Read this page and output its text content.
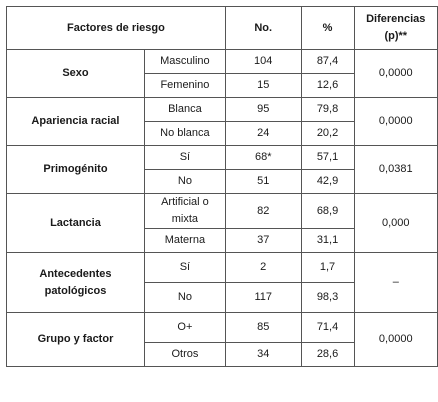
Factores de riesgo		No.	%	Diferencias (p)**
Sexo	Masculino	104	87,4	0,0000
	Femenino	15	12,6	
Apariencia racial	Blanca	95	79,8	0,0000
	No blanca	24	20,2	
Primogénito	Sí	68*	57,1	0,0381
	No	51	42,9	
Lactancia	Artificial o mixta	82	68,9	0,000
	Materna	37	31,1	
Antecedentes patológicos	Sí	2	1,7	–
	No	117	98,3	
Grupo y factor	O+	85	71,4	0,0000
	Otros	34	28,6	
